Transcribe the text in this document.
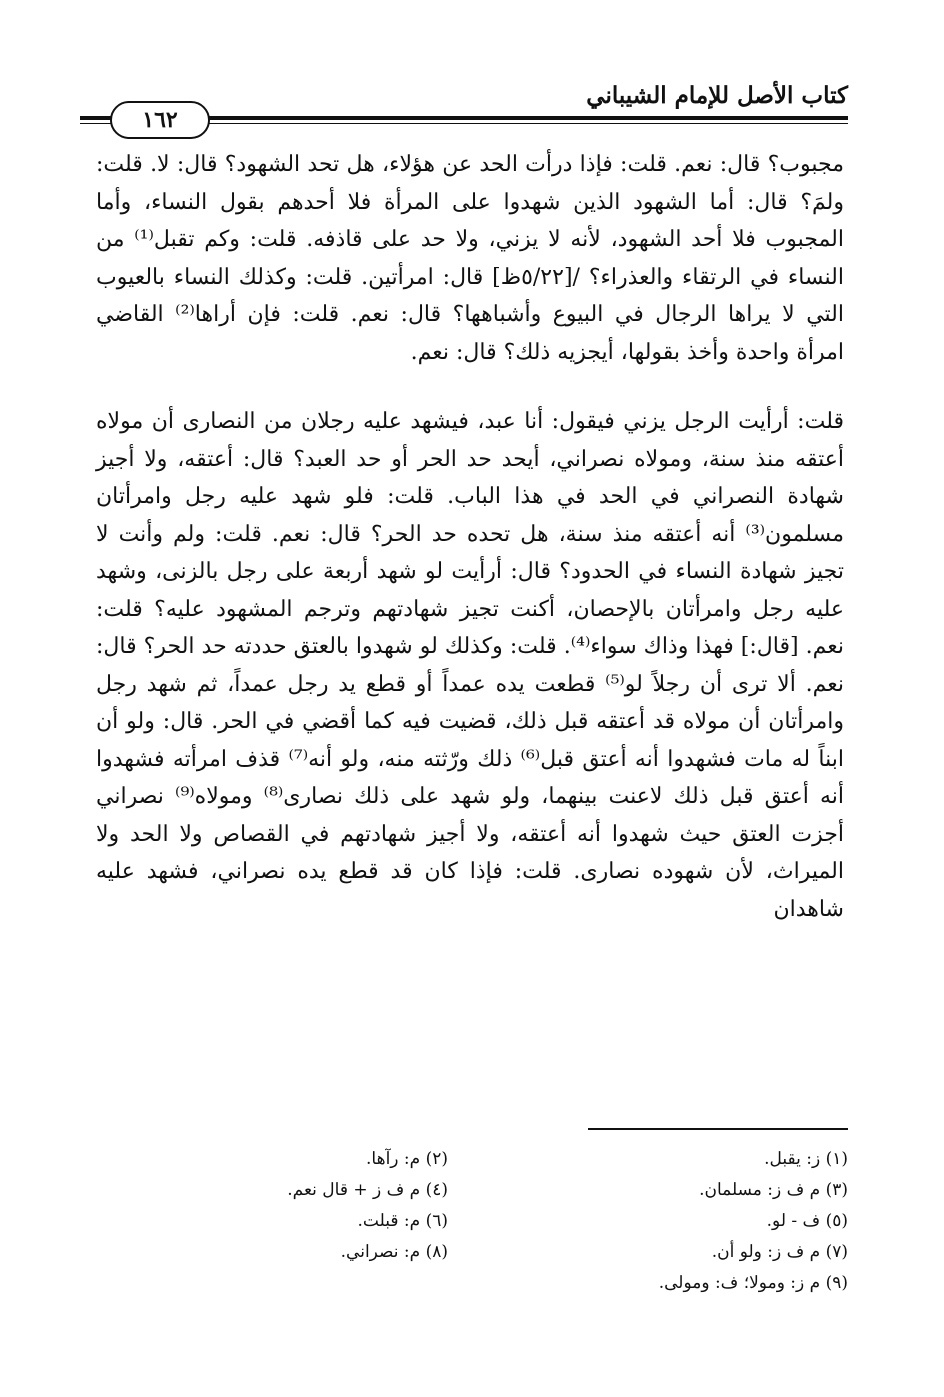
كتاب الأصل للإمام الشيباني
١٦٢

مجبوب؟ قال: نعم. قلت: فإذا درأت الحد عن هؤلاء، هل تحد الشهود؟ قال: لا. قلت: ولمَ؟ قال: أما الشهود الذين شهدوا على المرأة فلا أحدهم بقول النساء، وأما المجبوب فلا أحد الشهود، لأنه لا يزني، ولا حد على قاذفه. قلت: وكم تقبل⁽¹⁾ من النساء في الرتقاء والعذراء؟ /[٥/٢٢ظ] قال: امرأتين. قلت: وكذلك النساء بالعيوب التي لا يراها الرجال في البيوع وأشباهها؟ قال: نعم. قلت: فإن أراها⁽²⁾ القاضي امرأة واحدة وأخذ بقولها، أيجزيه ذلك؟ قال: نعم.

قلت: أرأيت الرجل يزني فيقول: أنا عبد، فيشهد عليه رجلان من النصارى أن مولاه أعتقه منذ سنة، ومولاه نصراني، أيحد حد الحر أو حد العبد؟ قال: أعتقه، ولا أجيز شهادة النصراني في الحد في هذا الباب. قلت: فلو شهد عليه رجل وامرأتان مسلمون⁽³⁾ أنه أعتقه منذ سنة، هل تحده حد الحر؟ قال: نعم. قلت: ولم وأنت لا تجيز شهادة النساء في الحدود؟ قال: أرأيت لو شهد أربعة على رجل بالزنى، وشهد عليه رجل وامرأتان بالإحصان، أكنت تجيز شهادتهم وترجم المشهود عليه؟ قلت: نعم. [قال:] فهذا وذاك سواء⁽⁴⁾. قلت: وكذلك لو شهدوا بالعتق حددته حد الحر؟ قال: نعم. ألا ترى أن رجلاً لو⁽⁵⁾ قطعت يده عمداً أو قطع يد رجل عمداً، ثم شهد رجل وامرأتان أن مولاه قد أعتقه قبل ذلك، قضيت فيه كما أقضي في الحر. قال: ولو أن ابناً له مات فشهدوا أنه أعتق قبل⁽⁶⁾ ذلك ورّثته منه، ولو أنه⁽⁷⁾ قذف امرأته فشهدوا أنه أعتق قبل ذلك لاعنت بينهما، ولو شهد على ذلك نصارى⁽⁸⁾ ومولاه⁽⁹⁾ نصراني أجزت العتق حيث شهدوا أنه أعتقه، ولا أجيز شهادتهم في القصاص ولا الحد ولا الميراث، لأن شهوده نصارى. قلت: فإذا كان قد قطع يده نصراني، فشهد عليه شاهدان

(١) ز: يقبل.
(٢) م: رآها.
(٣) م ف ز: مسلمان.
(٤) م ف ز + قال نعم.
(٥) ف - لو.
(٦) م: قبلت.
(٧) م ف ز: ولو أن.
(٨) م: نصراني.
(٩) م ز: ومولا؛ ف: ومولى.
